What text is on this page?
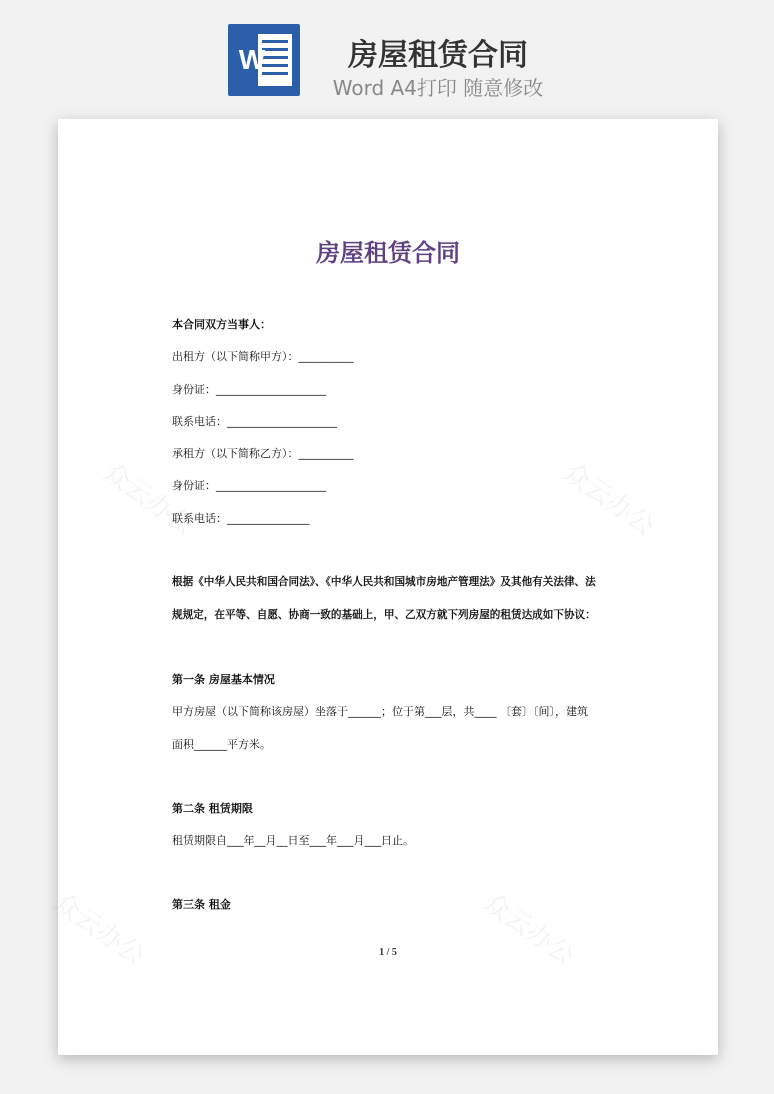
W	房屋租赁合同
Word A4打印 随意修改
众云办公	众云办公
众云办公	众云办公
房屋租赁合同
本合同双方当事人：
出租方（以下简称甲方）：__________
身份证：____________________
联系电话：____________________
承租方（以下简称乙方）：__________
身份证：____________________
联系电话：_______________
根据《中华人民共和国合同法》、《中华人民共和国城市房地产管理法》及其他有关法律、法
规规定，在平等、自愿、协商一致的基础上，甲、乙双方就下列房屋的租赁达成如下协议：
第一条 房屋基本情况
甲方房屋（以下简称该房屋）坐落于______；位于第___层，共____ 〔套〕〔间〕，建筑
面积______平方米。
第二条 租赁期限
租赁期限自___年__月__日至___年___月___日止。
第三条 租金
1 / 5
